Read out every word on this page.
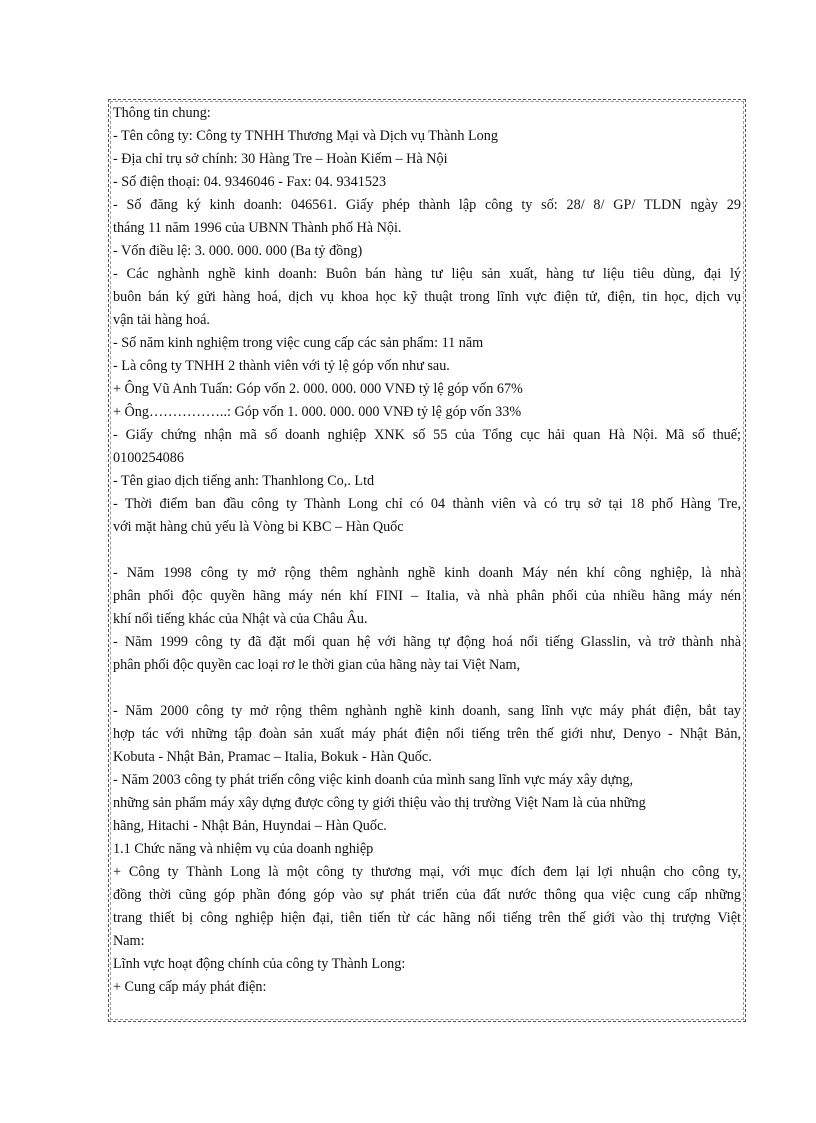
Thông tin chung:
- Tên công ty: Công ty TNHH Thương Mại và Dịch vụ Thành Long
- Địa chỉ trụ sở chính: 30 Hàng Tre – Hoàn Kiếm – Hà Nội
- Số điện thoại: 04. 9346046 - Fax: 04. 9341523
- Số đăng ký kinh doanh: 046561. Giấy phép thành lập công ty số: 28/ 8/ GP/ TLDN ngày 29
tháng 11 năm 1996 của UBNN Thành phố Hà Nội.
- Vốn điều lệ: 3. 000. 000. 000 (Ba tỷ đồng)
- Các nghành nghề kinh doanh: Buôn bán hàng tư liệu sản xuất, hàng tư liệu tiêu dùng, đại lý
buôn bán ký gửi hàng hoá, dịch vụ khoa học kỹ thuật trong lĩnh vực điện tử, điện, tin học, dịch vụ
vận tải hàng hoá.
- Số năm kinh nghiệm trong việc cung cấp các sản phẩm: 11 năm
- Là công ty TNHH 2 thành viên với tỷ lệ góp vốn như sau.
+ Ông Vũ Anh Tuấn: Góp vốn 2. 000. 000. 000 VNĐ tỷ lệ góp vốn 67%
+ Ông……………..: Góp vốn 1. 000. 000. 000 VNĐ tỷ lệ góp vốn 33%
- Giấy chứng nhận mã số doanh nghiệp XNK số 55 của Tổng cục hải quan Hà Nội. Mã số thuế;
0100254086
- Tên giao dịch tiếng anh: Thanhlong Co,. Ltd
- Thời điểm ban đầu công ty Thành Long chỉ có 04 thành viên và có trụ sở tại 18 phố Hàng Tre,
với mặt hàng chủ yếu là Vòng bi KBC – Hàn Quốc
- Năm 1998 công ty mở rộng thêm nghành nghề kinh doanh Máy nén khí công nghiệp, là nhà
phân phối độc quyền hãng máy nén khí FINI – Italia, và nhà phân phối của nhiều hãng máy nén
khí nổi tiếng khác của Nhật và của Châu Âu.
- Năm 1999 công ty đã đặt mối quan hệ với hãng tự động hoá nổi tiếng Glasslin, và trở thành nhà
phân phối độc quyền cac loại rơ le thời gian của hãng này tai Việt Nam,
- Năm 2000 công ty mở rộng thêm nghành nghề kinh doanh, sang lĩnh vực máy phát điện, bắt tay
hợp tác với những tập đoàn sản xuất máy phát điện nổi tiếng trên thế giới như, Denyo - Nhật Bản,
Kobuta - Nhật Bản, Pramac – Italia, Bokuk - Hàn Quốc.
- Năm 2003 công ty phát triển công việc kinh doanh của mình sang lĩnh vực máy xây dựng,
những sản phẩm máy xây dựng được công ty giới thiệu vào thị trường Việt Nam là của những
hãng, Hitachi - Nhật Bản, Huyndai – Hàn Quốc.
1.1 Chức năng và nhiệm vụ của doanh nghiệp
+ Công ty Thành Long là một công ty thương mại, với mục đích đem lại lợi nhuận cho công ty,
đồng thời cũng góp phần đóng góp vào sự phát triển của đất nước thông qua việc cung cấp những
trang thiết bị công nghiệp hiện đại, tiên tiến từ các hãng nổi tiếng trên thế giới vào thị trượng Việt
Nam:
Lĩnh vực hoạt động chính của công ty Thành Long:
+ Cung cấp máy phát điện:
